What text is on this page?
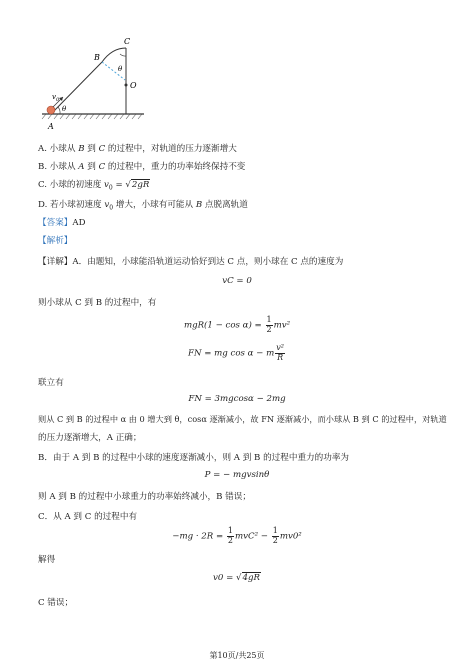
A
B
C
O
θ
θ
$v_0$
A. 小球从 B 到 C 的过程中，对轨道的压力逐渐增大
B. 小球从 A 到 C 的过程中，重力的功率始终保持不变
C. 小球的初速度 $v_0 = √2gR$
D. 若小球初速度 $v_0$ 增大，小球有可能从 B 点脱离轨道
【答案】AD
【解析】
【详解】A．由题知，小球能沿轨道运动恰好到达 C 点，则小球在 C 点的速度为
vC = 0
则小球从 C 到 B 的过程中，有
$mgR(1 - \cos \alpha) = \frac{1}{2} mv^2$
FN = mg cos α − m $\frac{\text{v²}}{R}$
联立有
FN = 3mgcosα − 2mg
则从 C 到 B 的过程中 α 由 0 增大到 θ，cosα 逐渐减小，故 FN 逐渐减小，而小球从 B 到 C 的过程中，对轨道
的压力逐渐增大，A 正确；
B．由于 A 到 B 的过程中小球的速度逐渐减小，则 A 到 B 的过程中重力的功率为
P = − mgvsinθ
则 A 到 B 的过程中小球重力的功率始终减小，B 错误；
C．从 A 到 C 的过程中有
$-mg \cdot 2R = \frac{1}{2} mvC^2 - \frac{1}{2} mv0^2$
解得
v0 = √4gR
C 错误；
第10页/共25页
